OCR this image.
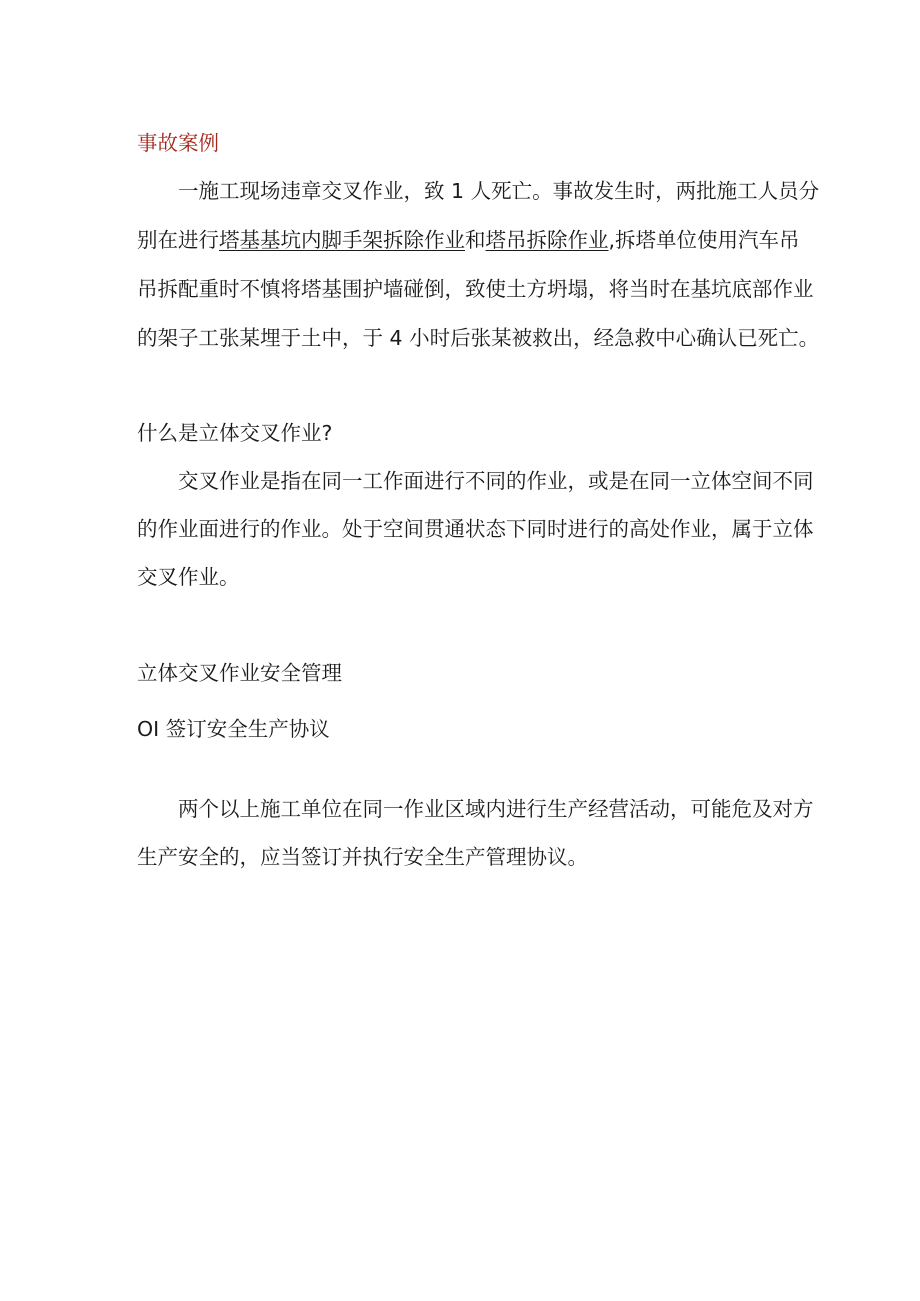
事故案例
一施工现场违章交叉作业，致 1 人死亡。事故发生时，两批施工人员分
别在进行塔基基坑内脚手架拆除作业和塔吊拆除作业,拆塔单位使用汽车吊
吊拆配重时不慎将塔基围护墙碰倒，致使土方坍塌，将当时在基坑底部作业
的架子工张某埋于土中，于 4 小时后张某被救出，经急救中心确认已死亡。
什么是立体交叉作业?
交叉作业是指在同一工作面进行不同的作业，或是在同一立体空间不同
的作业面进行的作业。处于空间贯通状态下同时进行的高处作业，属于立体
交叉作业。
立体交叉作业安全管理
OI 签订安全生产协议
两个以上施工单位在同一作业区域内进行生产经营活动，可能危及对方
生产安全的，应当签订并执行安全生产管理协议。
